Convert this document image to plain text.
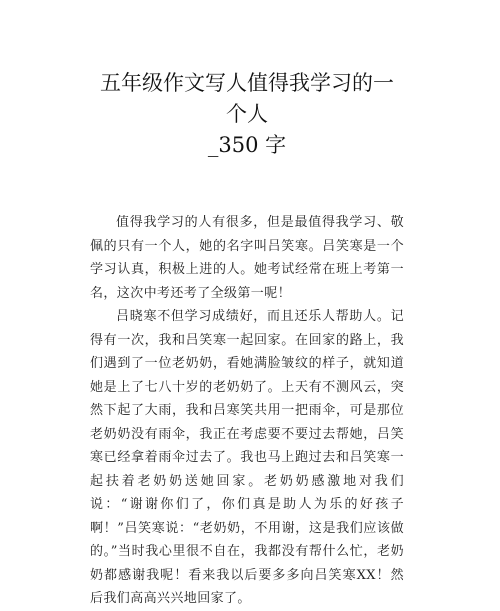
五年级作文写人值得我学习的一个人
_350 字

值得我学习的人有很多，但是最值得我学习、敬佩的只有一个人，她的名字叫吕笑寒。吕笑寒是一个学习认真，积极上进的人。她考试经常在班上考第一名，这次中考还考了全级第一呢！

吕晓寒不但学习成绩好，而且还乐人帮助人。记得有一次，我和吕笑寒一起回家。在回家的路上，我们遇到了一位老奶奶，看她满脸皱纹的样子，就知道她是上了七八十岁的老奶奶了。上天有不测风云，突然下起了大雨，我和吕寒笑共用一把雨伞，可是那位老奶奶没有雨伞，我正在考虑要不要过去帮她，吕笑寒已经拿着雨伞过去了。我也马上跑过去和吕笑寒一起扶着老奶奶送她回家。老奶奶感激地对我们说：“谢谢你们了，你们真是助人为乐的好孩子啊！”吕笑寒说：“老奶奶，不用谢，这是我们应该做的。”当时我心里很不自在，我都没有帮什么忙，老奶奶都感谢我呢！看来我以后要多多向吕笑寒XX！然后我们高高兴兴地回家了。
